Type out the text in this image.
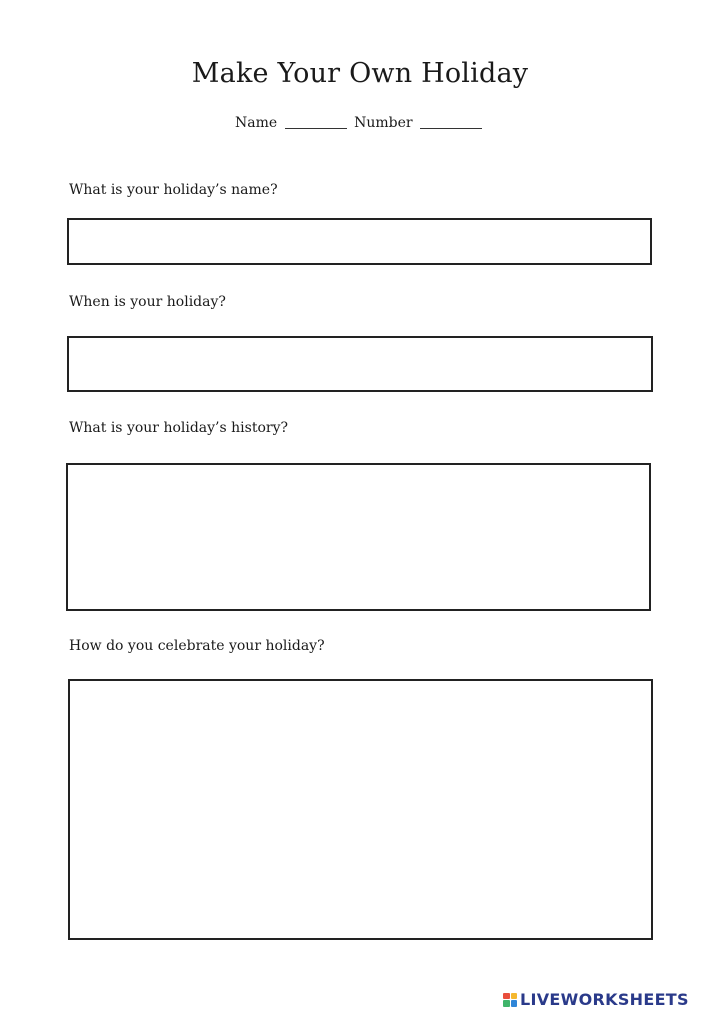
Make Your Own Holiday
Name	Number
What is your holiday’s name?
When is your holiday?
What is your holiday’s history?
How do you celebrate your holiday?
LIVEWORKSHEETS
